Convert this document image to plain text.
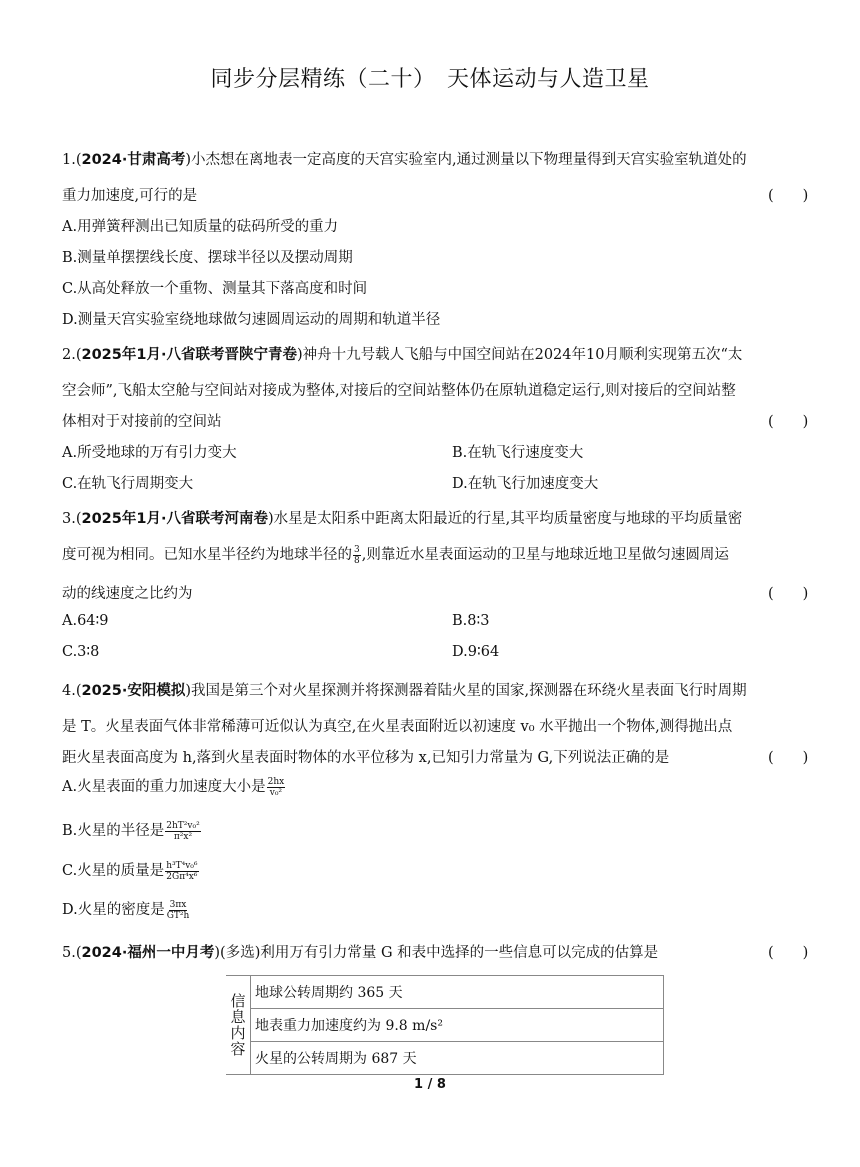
同步分层精练（二十）　天体运动与人造卫星
1.(2024·甘肃高考)小杰想在离地表一定高度的天宫实验室内,通过测量以下物理量得到天宫实验室轨道处的
重力加速度,可行的是	(　　)
A.用弹簧秤测出已知质量的砝码所受的重力
B.测量单摆摆线长度、摆球半径以及摆动周期
C.从高处释放一个重物、测量其下落高度和时间
D.测量天宫实验室绕地球做匀速圆周运动的周期和轨道半径
2.(2025年1月·八省联考晋陕宁青卷)神舟十九号载人飞船与中国空间站在2024年10月顺利实现第五次“太
空会师”,飞船太空舱与空间站对接成为整体,对接后的空间站整体仍在原轨道稳定运行,则对接后的空间站整
体相对于对接前的空间站	(　　)
A.所受地球的万有引力变大	B.在轨飞行速度变大
C.在轨飞行周期变大	D.在轨飞行加速度变大
3.(2025年1月·八省联考河南卷)水星是太阳系中距离太阳最近的行星,其平均质量密度与地球的平均质量密
度可视为相同。已知水星半径约为地球半径的 $\frac{3}{8}$ ,则靠近水星表面运动的卫星与地球近地卫星做匀速圆周运
动的线速度之比约为	(　　)
A.64∶9	B.8∶3
C.3∶8	D.9∶64
4.(2025·安阳模拟)我国是第三个对火星探测并将探测器着陆火星的国家,探测器在环绕火星表面飞行时周期
是 T。火星表面气体非常稀薄可近似认为真空,在火星表面附近以初速度 v₀ 水平抛出一个物体,测得抛出点
距火星表面高度为 h,落到火星表面时物体的水平位移为 x,已知引力常量为 G,下列说法正确的是	(　　)
A.火星表面的重力加速度大小是 $\frac{2hx}{\text{v₀²}}$
B.火星的半径是 $\frac{\text{2hT²v₀²}}{\text{π²x²}}$
C.火星的质量是 $\frac{\text{h³T⁴v₀⁶}}{\text{2Gπ⁴x⁶}}$
D.火星的密度是 $\frac{3\pi x}{\text{GT²h}}$
5.(2024·福州一中月考)(多选)利用万有引力常量 G 和表中选择的一些信息可以完成的估算是	(　　)
信息内容	地球公转周期约 365 天
地表重力加速度约为 9.8 m/s²
火星的公转周期为 687 天
1 / 8
